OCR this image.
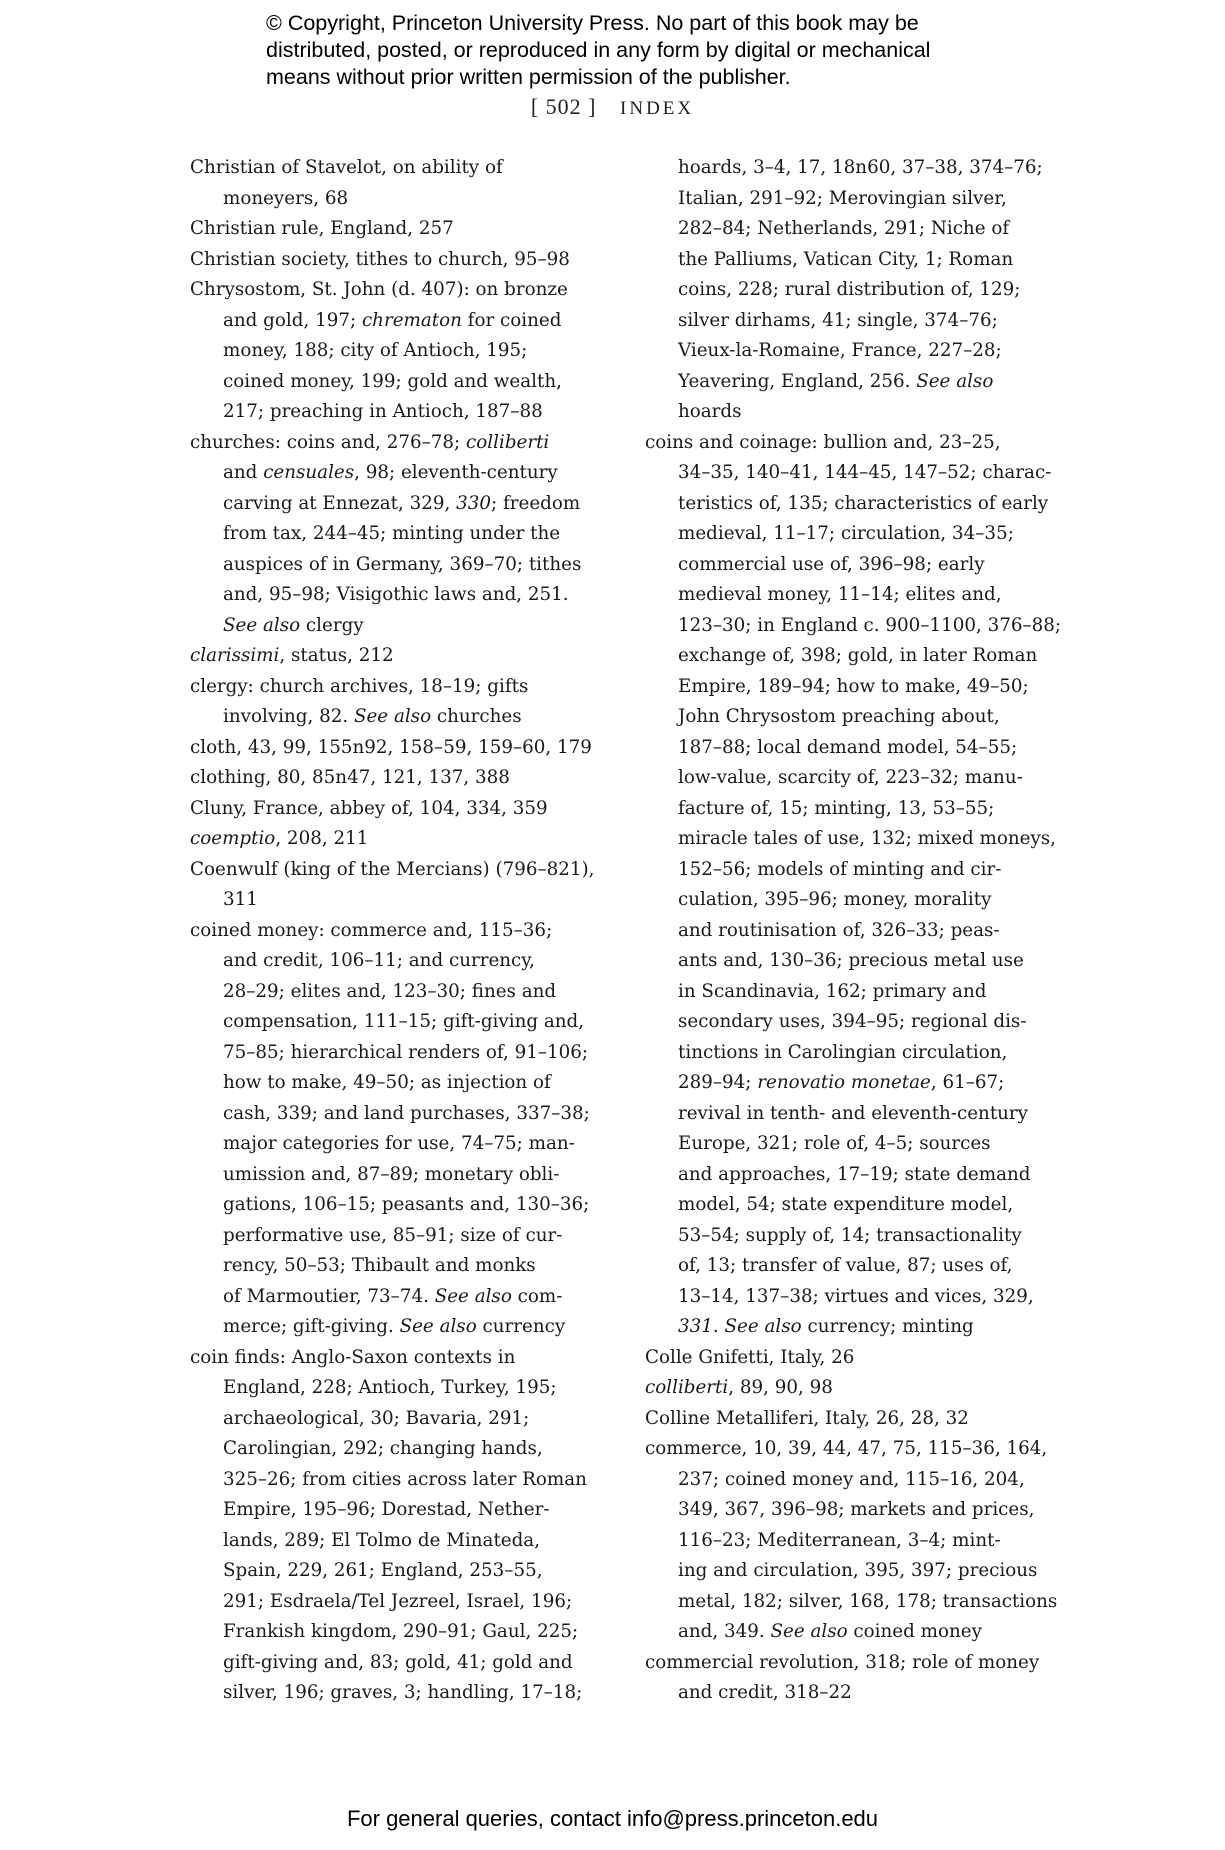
© Copyright, Princeton University Press. No part of this book may be
distributed, posted, or reproduced in any form by digital or mechanical
means without prior written permission of the publisher.
[ 502 ] INDEX
Christian of Stavelot, on ability of
moneyers, 68
Christian rule, England, 257
Christian society, tithes to church, 95–98
Chrysostom, St. John (d. 407): on bronze
and gold, 197; chrematon for coined
money, 188; city of Antioch, 195;
coined money, 199; gold and wealth,
217; preaching in Antioch, 187–88
churches: coins and, 276–78; colliberti
and censuales, 98; eleventh-century
carving at Ennezat, 329, 330; freedom
from tax, 244–45; minting under the
auspices of in Germany, 369–70; tithes
and, 95–98; Visigothic laws and, 251.
See also clergy
clarissimi, status, 212
clergy: church archives, 18–19; gifts
involving, 82. See also churches
cloth, 43, 99, 155n92, 158–59, 159–60, 179
clothing, 80, 85n47, 121, 137, 388
Cluny, France, abbey of, 104, 334, 359
coemptio, 208, 211
Coenwulf (king of the Mercians) (796–821),
311
coined money: commerce and, 115–36;
and credit, 106–11; and currency,
28–29; elites and, 123–30; fines and
compensation, 111–15; gift-giving and,
75–85; hierarchical renders of, 91–106;
how to make, 49–50; as injection of
cash, 339; and land purchases, 337–38;
major categories for use, 74–75; man-
umission and, 87–89; monetary obli-
gations, 106–15; peasants and, 130–36;
performative use, 85–91; size of cur-
rency, 50–53; Thibault and monks
of Marmoutier, 73–74. See also com-
merce; gift-giving. See also currency
coin finds: Anglo-Saxon contexts in
England, 228; Antioch, Turkey, 195;
archaeological, 30; Bavaria, 291;
Carolingian, 292; changing hands,
325–26; from cities across later Roman
Empire, 195–96; Dorestad, Nether-
lands, 289; El Tolmo de Minateda,
Spain, 229, 261; England, 253–55,
291; Esdraela/Tel Jezreel, Israel, 196;
Frankish kingdom, 290–91; Gaul, 225;
gift-giving and, 83; gold, 41; gold and
silver, 196; graves, 3; handling, 17–18;
hoards, 3–4, 17, 18n60, 37–38, 374–76;
Italian, 291–92; Merovingian silver,
282–84; Netherlands, 291; Niche of
the Palliums, Vatican City, 1; Roman
coins, 228; rural distribution of, 129;
silver dirhams, 41; single, 374–76;
Vieux-la-Romaine, France, 227–28;
Yeavering, England, 256. See also
hoards
coins and coinage: bullion and, 23–25,
34–35, 140–41, 144–45, 147–52; charac-
teristics of, 135; characteristics of early
medieval, 11–17; circulation, 34–35;
commercial use of, 396–98; early
medieval money, 11–14; elites and,
123–30; in England c. 900–1100, 376–88;
exchange of, 398; gold, in later Roman
Empire, 189–94; how to make, 49–50;
John Chrysostom preaching about,
187–88; local demand model, 54–55;
low-value, scarcity of, 223–32; manu-
facture of, 15; minting, 13, 53–55;
miracle tales of use, 132; mixed moneys,
152–56; models of minting and cir-
culation, 395–96; money, morality
and routinisation of, 326–33; peas-
ants and, 130–36; precious metal use
in Scandinavia, 162; primary and
secondary uses, 394–95; regional dis-
tinctions in Carolingian circulation,
289–94; renovatio monetae, 61–67;
revival in tenth- and eleventh-century
Europe, 321; role of, 4–5; sources
and approaches, 17–19; state demand
model, 54; state expenditure model,
53–54; supply of, 14; transactionality
of, 13; transfer of value, 87; uses of,
13–14, 137–38; virtues and vices, 329,
331. See also currency; minting
Colle Gnifetti, Italy, 26
colliberti, 89, 90, 98
Colline Metalliferi, Italy, 26, 28, 32
commerce, 10, 39, 44, 47, 75, 115–36, 164,
237; coined money and, 115–16, 204,
349, 367, 396–98; markets and prices,
116–23; Mediterranean, 3–4; mint-
ing and circulation, 395, 397; precious
metal, 182; silver, 168, 178; transactions
and, 349. See also coined money
commercial revolution, 318; role of money
and credit, 318–22
For general queries, contact info@press.princeton.edu
